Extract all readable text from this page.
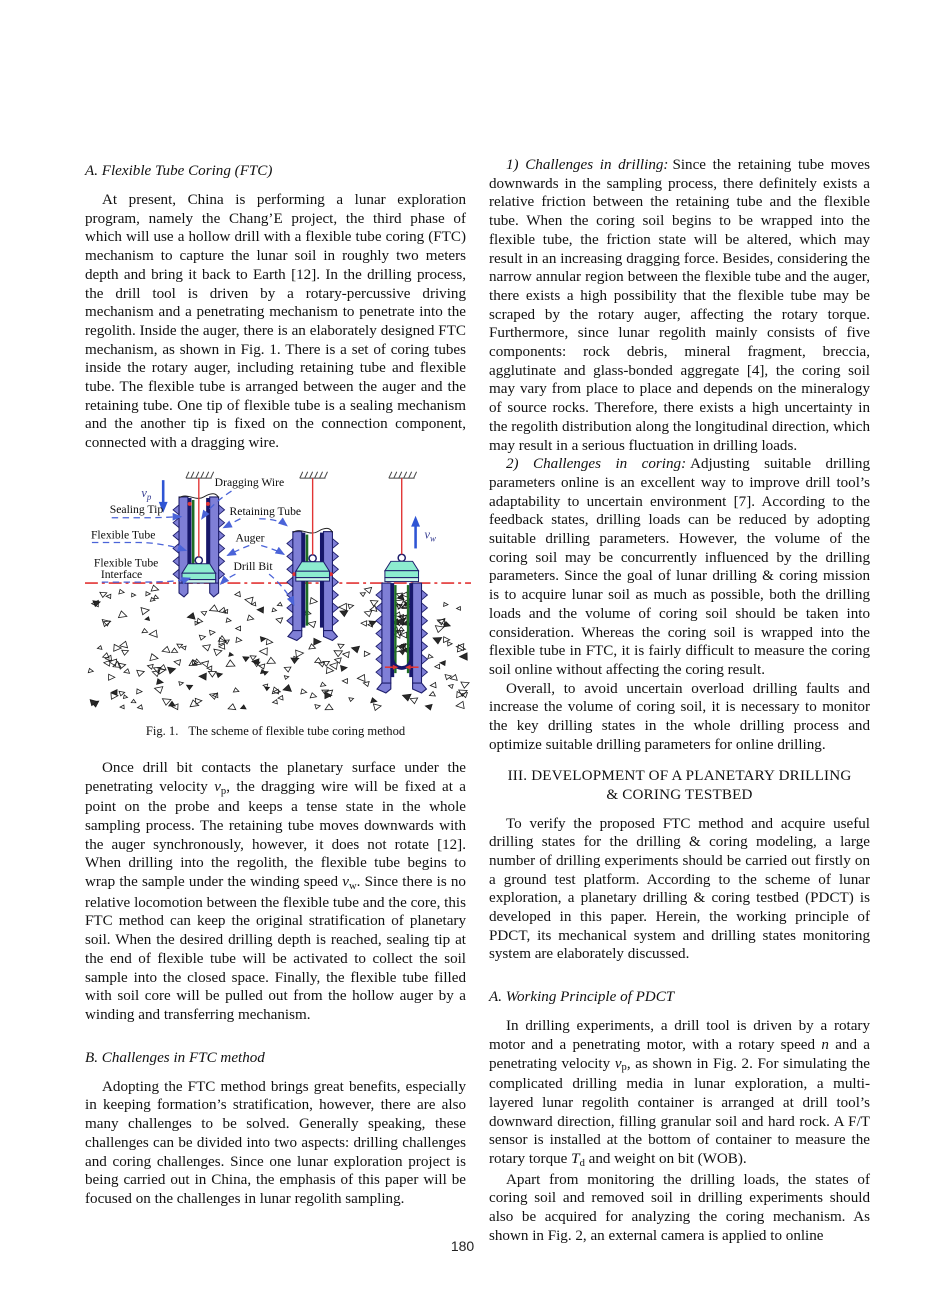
A. Flexible Tube Coring (FTC)

At present, China is performing a lunar exploration program, namely the Chang’E project, the third phase of which will use a hollow drill with a flexible tube coring (FTC) mechanism to capture the lunar soil in roughly two meters depth and bring it back to Earth [12]. In the drilling process, the drill tool is driven by a rotary-percussive driving mechanism and a penetrating mechanism to penetrate into the regolith. Inside the auger, there is an elaborately designed FTC mechanism, as shown in Fig. 1. There is a set of coring tubes inside the rotary auger, including retaining tube and flexible tube. The flexible tube is arranged between the auger and the retaining tube. One tip of flexible tube is a sealing mechanism and the another tip is fixed on the connection component, connected with a dragging wire.

$v_p$
$v_w$
Dragging Wire
Sealing Tip	Retaining Tube
Flexible Tube	Auger
Flexible Tube
Interface
Drill Bit
Fig. 1. The scheme of flexible tube coring method

Once drill bit contacts the planetary surface under the penetrating velocity $v_p$, the dragging wire will be fixed at a point on the probe and keeps a tense state in the whole sampling process. The retaining tube moves downwards with the auger synchronously, however, it does not rotate [12]. When drilling into the regolith, the flexible tube begins to wrap the sample under the winding speed $v_w$. Since there is no relative locomotion between the flexible tube and the core, this FTC method can keep the original stratification of planetary soil. When the desired drilling depth is reached, sealing tip at the end of flexible tube will be activated to collect the soil sample into the closed space. Finally, the flexible tube filled with soil core will be pulled out from the hollow auger by a winding and transferring mechanism.

B. Challenges in FTC method

Adopting the FTC method brings great benefits, especially in keeping formation’s stratification, however, there are also many challenges to be solved. Generally speaking, these challenges can be divided into two aspects: drilling challenges and coring challenges. Since one lunar exploration project is being carried out in China, the emphasis of this paper will be focused on the challenges in lunar regolith sampling.

1) Challenges in drilling: Since the retaining tube moves downwards in the sampling process, there definitely exists a relative friction between the retaining tube and the flexible tube. When the coring soil begins to be wrapped into the flexible tube, the friction state will be altered, which may result in an increasing dragging force. Besides, considering the narrow annular region between the flexible tube and the auger, there exists a high possibility that the flexible tube may be scraped by the rotary auger, affecting the rotary torque. Furthermore, since lunar regolith mainly consists of five components: rock debris, mineral fragment, breccia, agglutinate and glass-bonded aggregate [4], the coring soil may vary from place to place and depends on the mineralogy of source rocks. Therefore, there exists a high uncertainty in the regolith distribution along the longitudinal direction, which may result in a serious fluctuation in drilling loads.

2) Challenges in coring: Adjusting suitable drilling parameters online is an excellent way to improve drill tool’s adaptability to uncertain environment [7]. According to the feedback states, drilling loads can be reduced by adopting suitable drilling parameters. However, the volume of the coring soil may be concurrently influenced by the drilling parameters. Since the goal of lunar drilling & coring mission is to acquire lunar soil as much as possible, both the drilling loads and the volume of coring soil should be taken into consideration. Whereas the coring soil is wrapped into the flexible tube in FTC, it is fairly difficult to measure the coring soil online without affecting the coring result.

Overall, to avoid uncertain overload drilling faults and increase the volume of coring soil, it is necessary to monitor the key drilling states in the whole drilling process and optimize suitable drilling parameters for online drilling.

III. DEVELOPMENT OF A PLANETARY DRILLING
& CORING TESTBED

To verify the proposed FTC method and acquire useful drilling states for the drilling & coring modeling, a large number of drilling experiments should be carried out firstly on a ground test platform. According to the scheme of lunar exploration, a planetary drilling & coring testbed (PDCT) is developed in this paper. Herein, the working principle of PDCT, its mechanical system and drilling states monitoring system are elaborately discussed.

A. Working Principle of PDCT

In drilling experiments, a drill tool is driven by a rotary motor and a penetrating motor, with a rotary speed n and a penetrating velocity $v_p$, as shown in Fig. 2. For simulating the complicated drilling media in lunar exploration, a multi-layered lunar regolith container is arranged at drill tool’s downward direction, filling granular soil and hard rock. A F/T sensor is installed at the bottom of container to measure the rotary torque $T_d$ and weight on bit (WOB).

Apart from monitoring the drilling loads, the states of coring soil and removed soil in drilling experiments should also be acquired for analyzing the coring mechanism. As shown in Fig. 2, an external camera is applied to online

180
